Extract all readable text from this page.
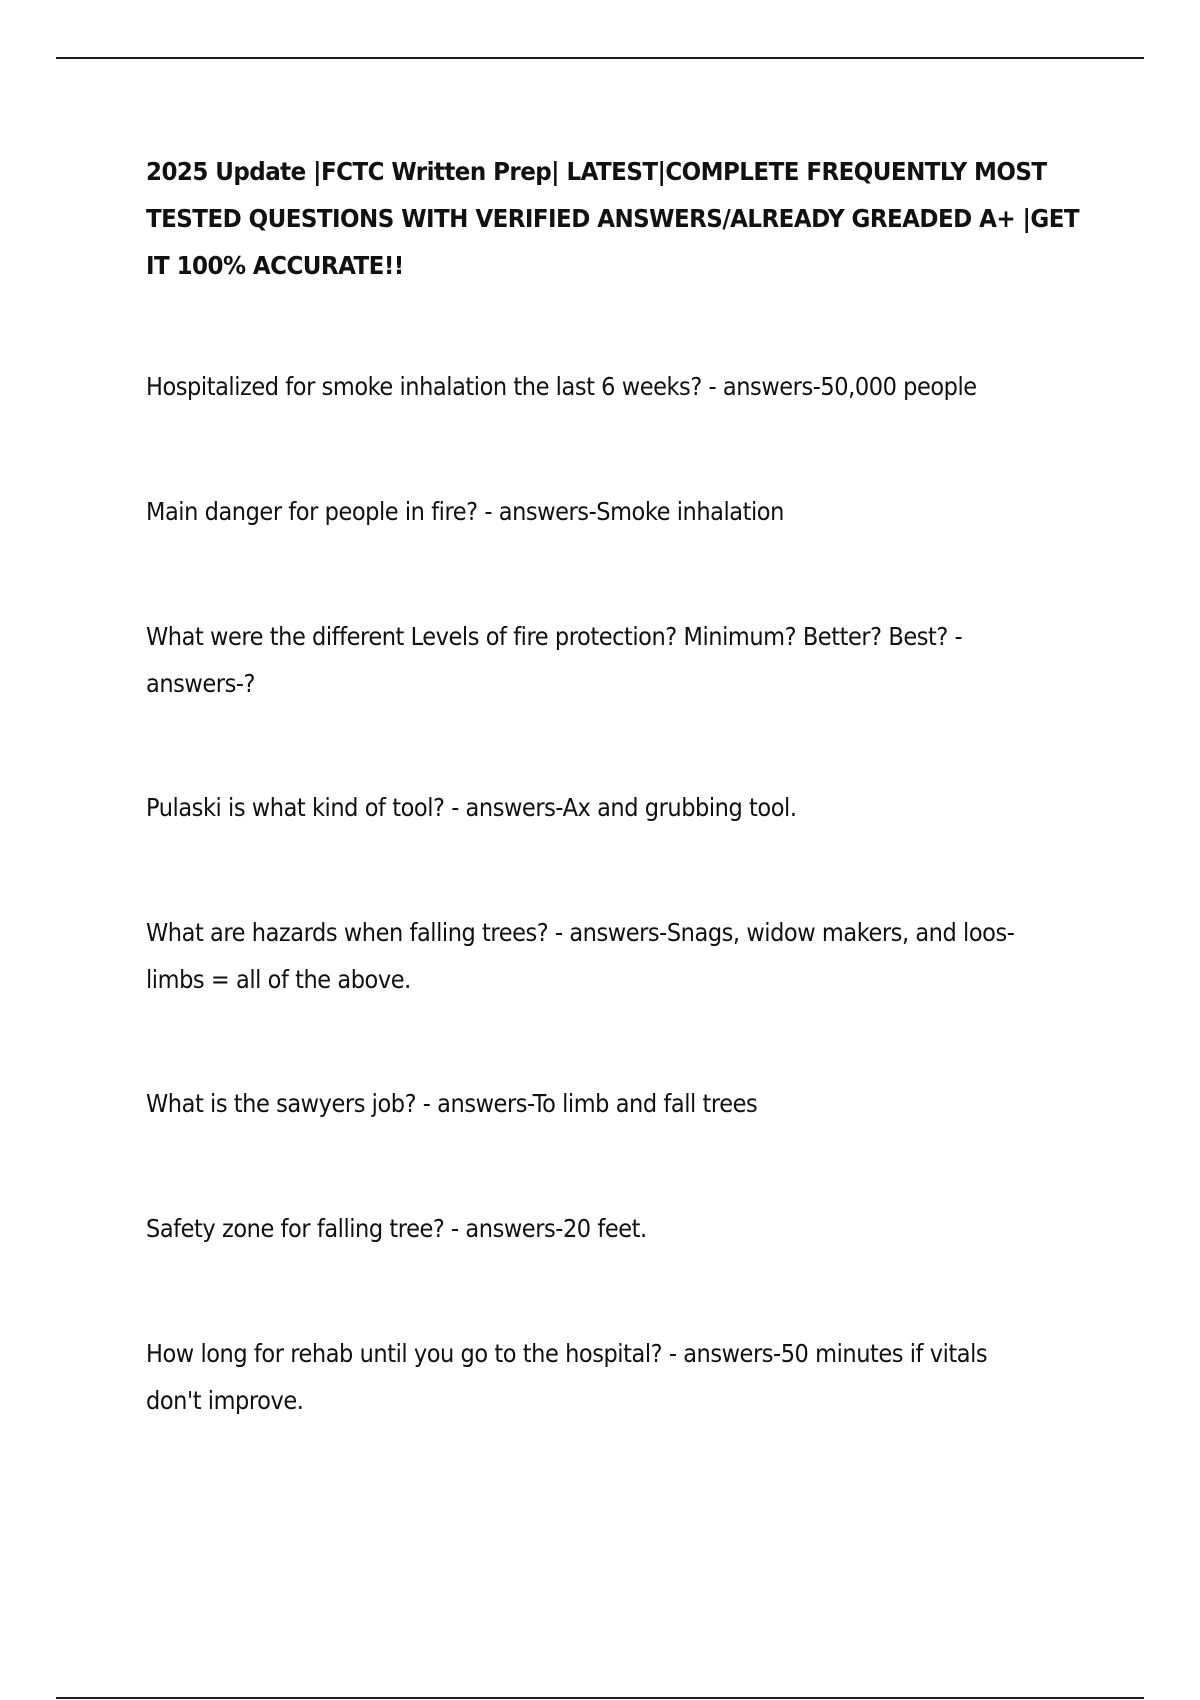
2025 Update |FCTC Written Prep| LATEST|COMPLETE FREQUENTLY MOST TESTED QUESTIONS WITH VERIFIED ANSWERS/ALREADY GREADED A+ |GET IT 100% ACCURATE!!
Hospitalized for smoke inhalation the last 6 weeks? - answers-50,000 people
Main danger for people in fire? - answers-Smoke inhalation
What were the different Levels of fire protection? Minimum? Better? Best? - answers-?
Pulaski is what kind of tool? - answers-Ax and grubbing tool.
What are hazards when falling trees? - answers-Snags, widow makers, and loos- limbs = all of the above.
What is the sawyers job? - answers-To limb and fall trees
Safety zone for falling tree? - answers-20 feet.
How long for rehab until you go to the hospital? - answers-50 minutes if vitals don't improve.
